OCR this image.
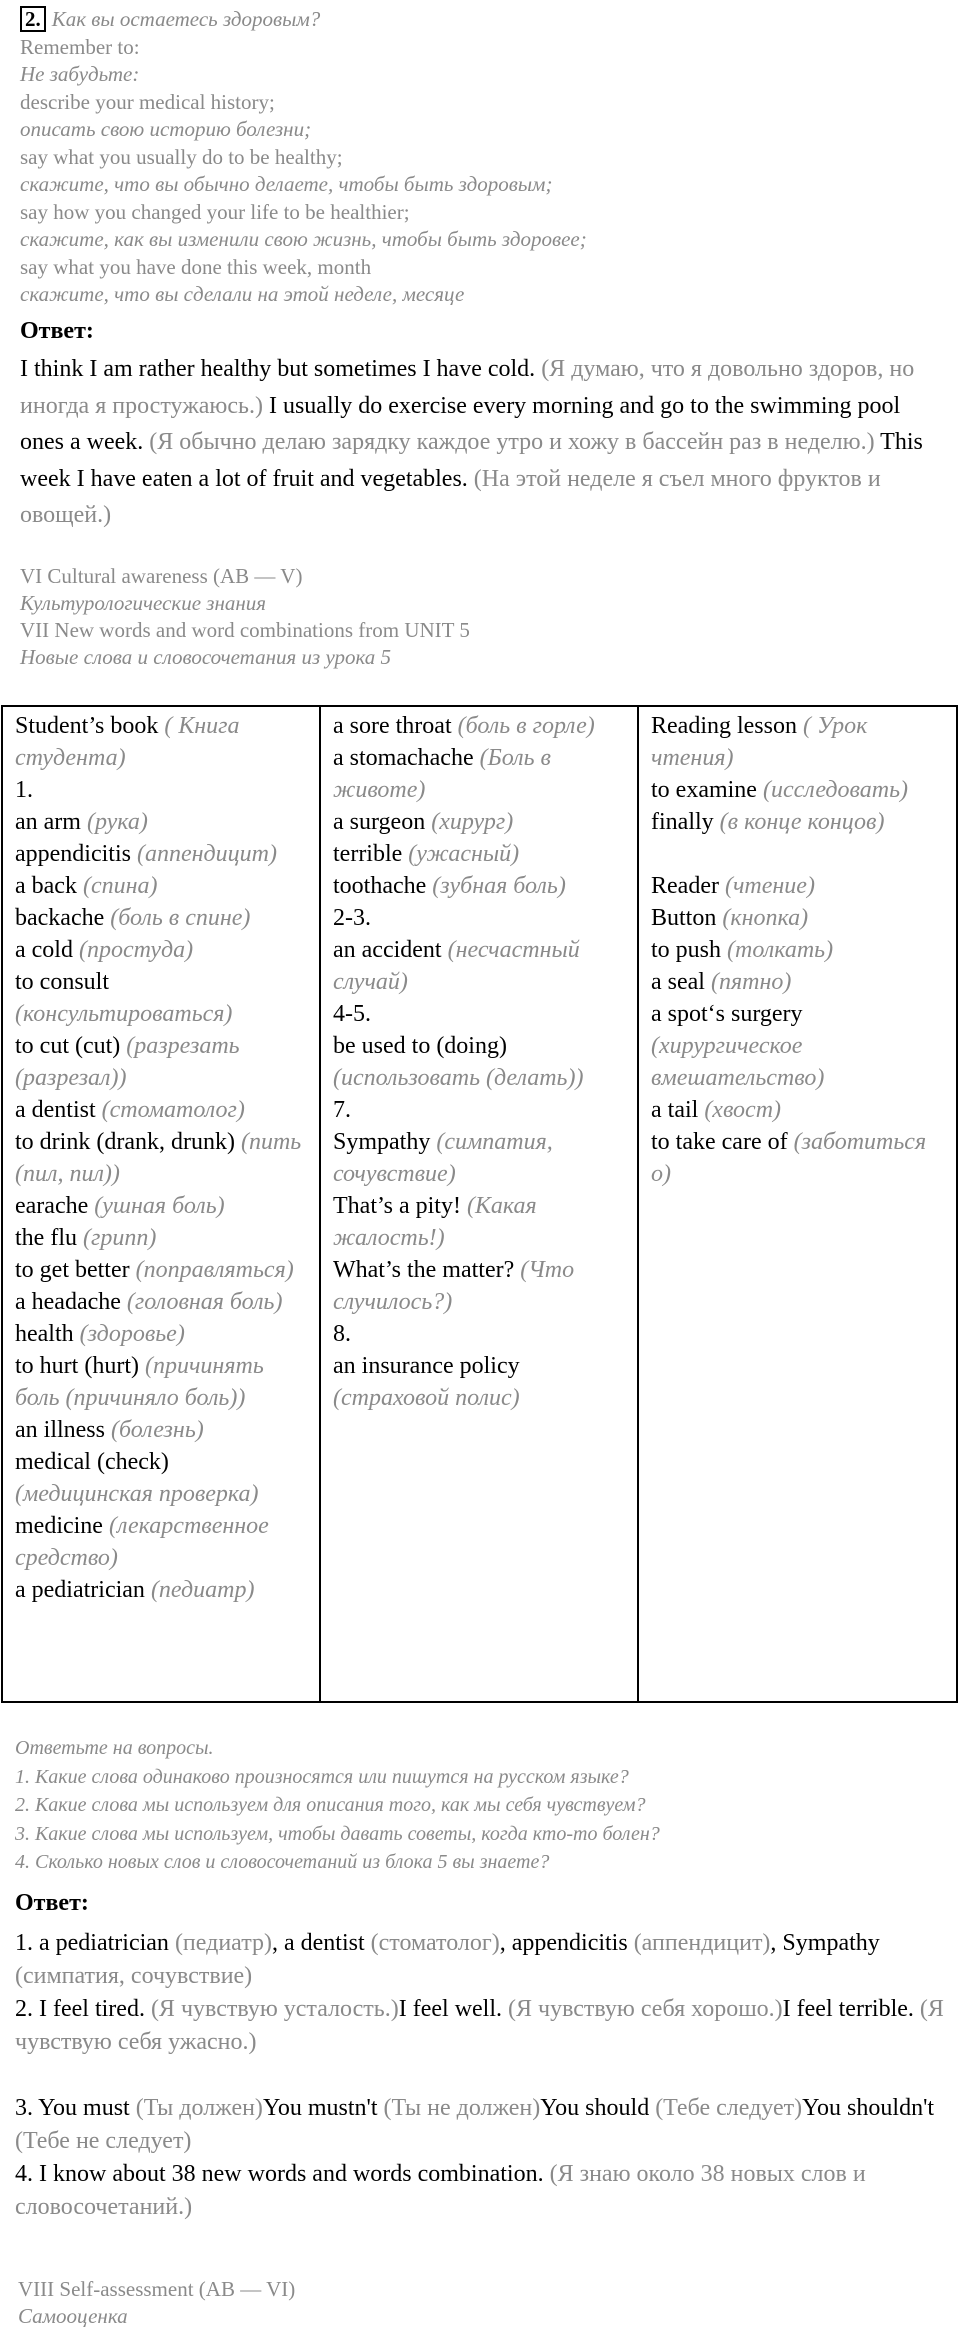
2. Как вы остаетесь здоровым?
Remember to:
Не забудьте:
describe your medical history;
описать свою историю болезни;
say what you usually do to be healthy;
скажите, что вы обычно делаете, чтобы быть здоровым;
say how you changed your life to be healthier;
скажите, как вы изменили свою жизнь, чтобы быть здоровее;
say what you have done this week, month
скажите, что вы сделали на этой неделе, месяце
Ответ:
I think I am rather healthy but sometimes I have cold. (Я думаю, что я довольно здоров, но иногда я простужаюсь.) I usually do exercise every morning and go to the swimming pool ones a week. (Я обычно делаю зарядку каждое утро и хожу в бассейн раз в неделю.) This week I have eaten a lot of fruit and vegetables. (На этой неделе я съел много фруктов и овощей.)
VI Cultural awareness (AB — V)
Культурологические знания
VII New words and word combinations from UNIT 5
Новые слова и словосочетания из урока 5
Student’s book ( Книга студента)
1.
an arm (рука)
appendicitis (аппендицит)
a back (спина)
backache (боль в спине)
a cold (простуда)
to consult (консультироваться)
to cut (cut) (разрезать (разрезал))
a dentist (стоматолог)
to drink (drank, drunk) (пить (пил, пил))
earache (ушная боль)
the flu (грипп)
to get better (поправляться)
a headache (головная боль)
health (здоровье)
to hurt (hurt) (причинять боль (причиняло боль))
an illness (болезнь)
medical (check) (медицинская проверка)
medicine (лекарственное средство)
a pediatrician (педиатр)
a sore throat (боль в горле)
a stomachache (Боль в животе)
a surgeon (хирург)
terrible (ужасный)
toothache (зубная боль)
2-3.
an accident (несчастный случай)
4-5.
be used to (doing) (использовать (делать))
7.
Sympathy (симпатия, сочувствие)
That’s a pity! (Какая жалость!)
What’s the matter? (Что случилось?)
8.
an insurance policy (страховой полис)
Reading lesson ( Урок чтения)
to examine (исследовать)
finally (в конце концов)
Reader (чтение)
Button (кнопка)
to push (толкать)
a seal (пятно)
a spot‘s surgery (хирургическое вмешательство)
a tail (хвост)
to take care of (заботиться о)
Ответьте на вопросы.
1. Какие слова одинаково произносятся или пишутся на русском языке?
2. Какие слова мы используем для описания того, как мы себя чувствуем?
3. Какие слова мы используем, чтобы давать советы, когда кто-то болен?
4. Сколько новых слов и словосочетаний из блока 5 вы знаете?
Ответ:
1. a pediatrician (педиатр), a dentist (стоматолог), appendicitis (аппендицит), Sympathy (симпатия, сочувствие)
2. I feel tired. (Я чувствую усталость.)I feel well. (Я чувствую себя хорошо.)I feel terrible. (Я чувствую себя ужасно.)
3. You must (Ты должен)You mustn't (Ты не должен)You should (Тебе следует)You shouldn't (Тебе не следует)
4. I know about 38 new words and words combination. (Я знаю около 38 новых слов и словосочетаний.)
VIII Self-assessment (AB — VI)
Самооценка
